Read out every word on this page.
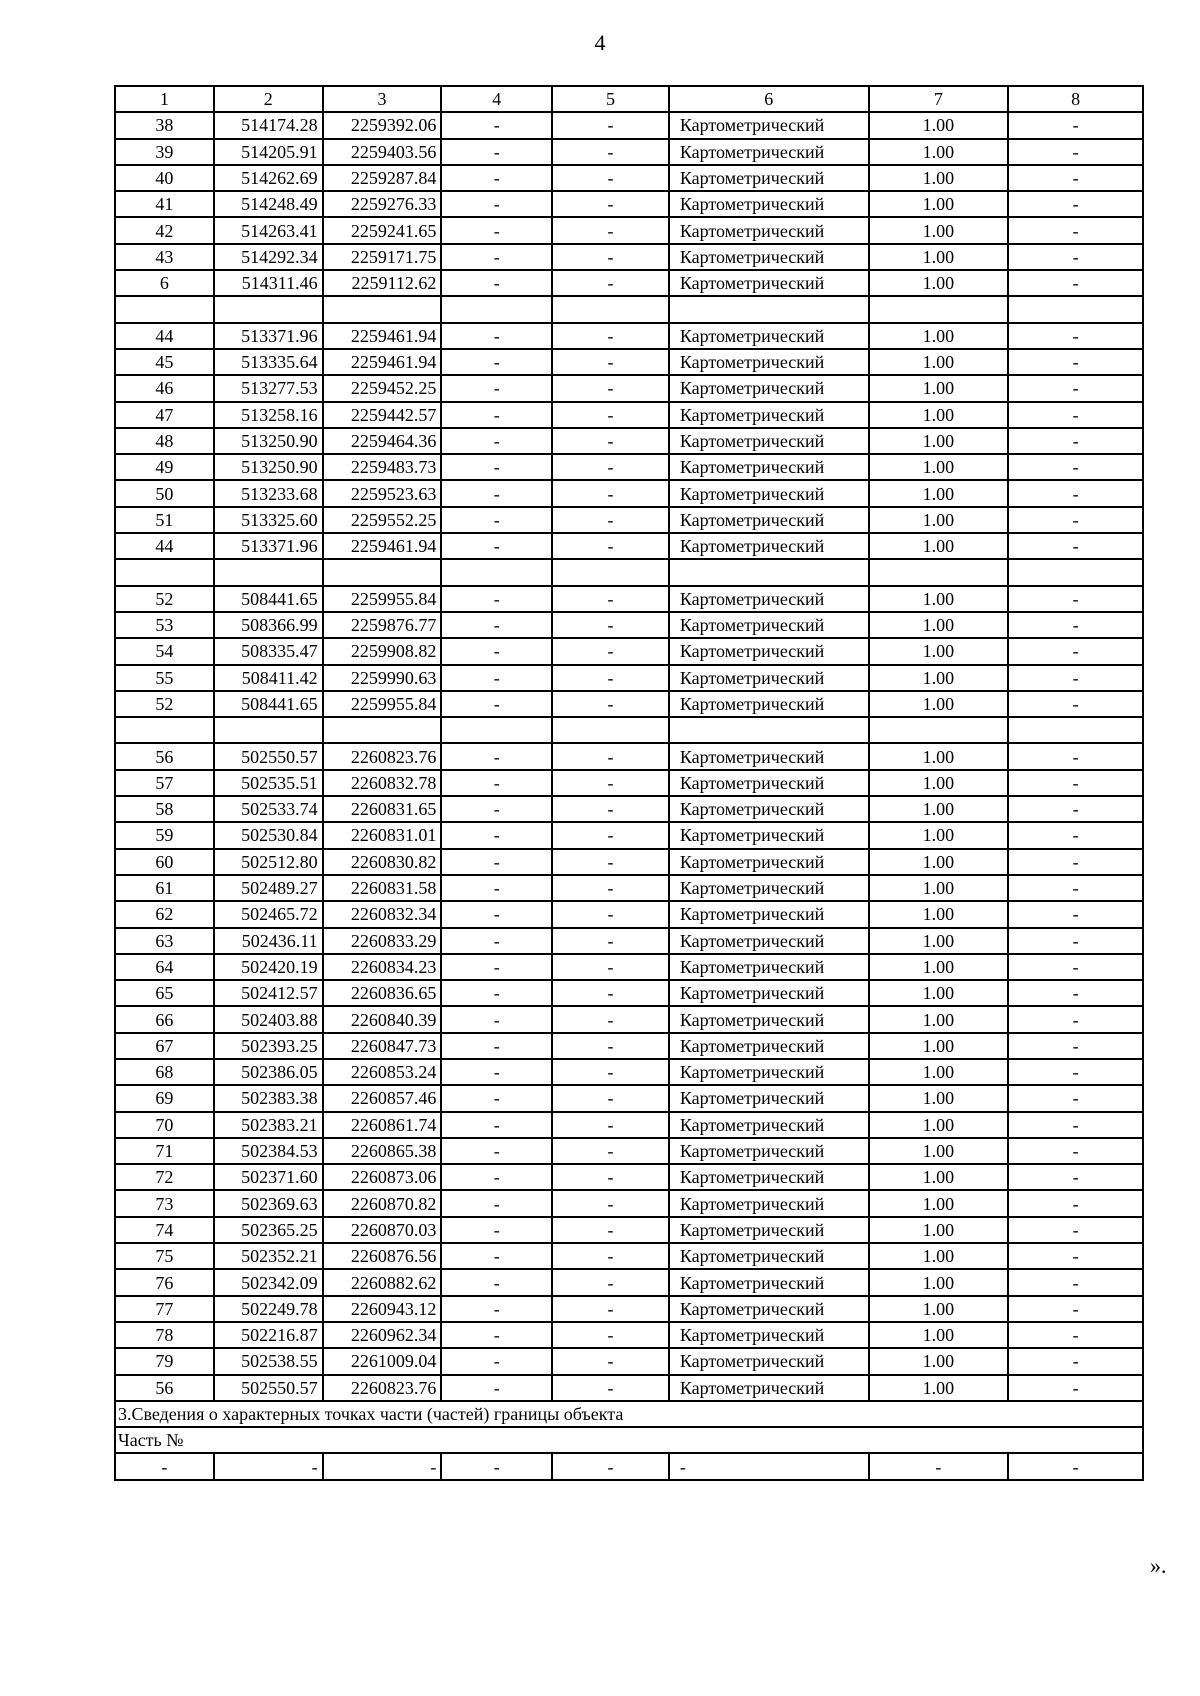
4
1	2	3	4	5	6	7	8
38	514174.28	2259392.06	-	-	Картометрический	1.00	-
39	514205.91	2259403.56	-	-	Картометрический	1.00	-
40	514262.69	2259287.84	-	-	Картометрический	1.00	-
41	514248.49	2259276.33	-	-	Картометрический	1.00	-
42	514263.41	2259241.65	-	-	Картометрический	1.00	-
43	514292.34	2259171.75	-	-	Картометрический	1.00	-
6	514311.46	2259112.62	-	-	Картометрический	1.00	-

44	513371.96	2259461.94	-	-	Картометрический	1.00	-
45	513335.64	2259461.94	-	-	Картометрический	1.00	-
46	513277.53	2259452.25	-	-	Картометрический	1.00	-
47	513258.16	2259442.57	-	-	Картометрический	1.00	-
48	513250.90	2259464.36	-	-	Картометрический	1.00	-
49	513250.90	2259483.73	-	-	Картометрический	1.00	-
50	513233.68	2259523.63	-	-	Картометрический	1.00	-
51	513325.60	2259552.25	-	-	Картометрический	1.00	-
44	513371.96	2259461.94	-	-	Картометрический	1.00	-

52	508441.65	2259955.84	-	-	Картометрический	1.00	-
53	508366.99	2259876.77	-	-	Картометрический	1.00	-
54	508335.47	2259908.82	-	-	Картометрический	1.00	-
55	508411.42	2259990.63	-	-	Картометрический	1.00	-
52	508441.65	2259955.84	-	-	Картометрический	1.00	-

56	502550.57	2260823.76	-	-	Картометрический	1.00	-
57	502535.51	2260832.78	-	-	Картометрический	1.00	-
58	502533.74	2260831.65	-	-	Картометрический	1.00	-
59	502530.84	2260831.01	-	-	Картометрический	1.00	-
60	502512.80	2260830.82	-	-	Картометрический	1.00	-
61	502489.27	2260831.58	-	-	Картометрический	1.00	-
62	502465.72	2260832.34	-	-	Картометрический	1.00	-
63	502436.11	2260833.29	-	-	Картометрический	1.00	-
64	502420.19	2260834.23	-	-	Картометрический	1.00	-
65	502412.57	2260836.65	-	-	Картометрический	1.00	-
66	502403.88	2260840.39	-	-	Картометрический	1.00	-
67	502393.25	2260847.73	-	-	Картометрический	1.00	-
68	502386.05	2260853.24	-	-	Картометрический	1.00	-
69	502383.38	2260857.46	-	-	Картометрический	1.00	-
70	502383.21	2260861.74	-	-	Картометрический	1.00	-
71	502384.53	2260865.38	-	-	Картометрический	1.00	-
72	502371.60	2260873.06	-	-	Картометрический	1.00	-
73	502369.63	2260870.82	-	-	Картометрический	1.00	-
74	502365.25	2260870.03	-	-	Картометрический	1.00	-
75	502352.21	2260876.56	-	-	Картометрический	1.00	-
76	502342.09	2260882.62	-	-	Картометрический	1.00	-
77	502249.78	2260943.12	-	-	Картометрический	1.00	-
78	502216.87	2260962.34	-	-	Картометрический	1.00	-
79	502538.55	2261009.04	-	-	Картометрический	1.00	-
56	502550.57	2260823.76	-	-	Картометрический	1.00	-
3.Сведения о характерных точках части (частей) границы объекта							
Часть №							
-	-	-	-	-	-	-	-
».
